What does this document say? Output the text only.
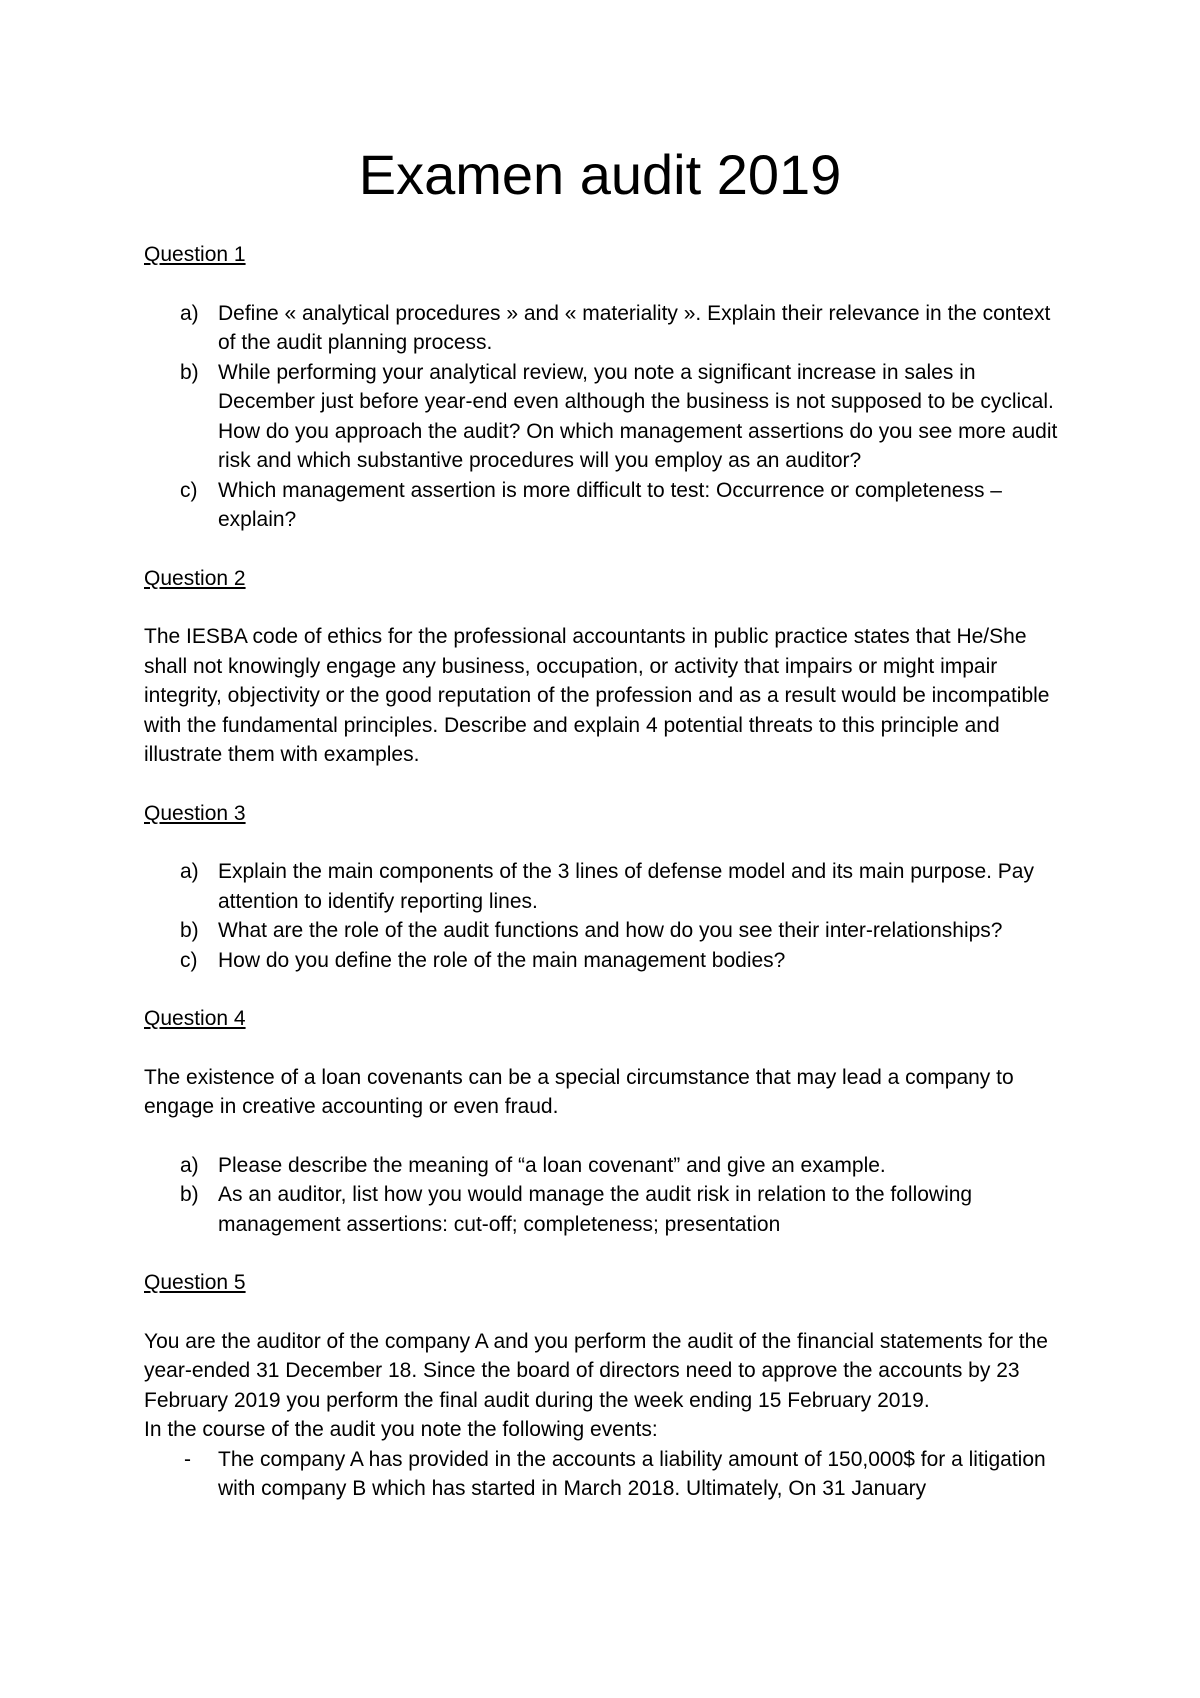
Examen audit 2019
Question 1
a) Define « analytical procedures » and « materiality ». Explain their relevance in the context of the audit planning process.
b) While performing your analytical review, you note a significant increase in sales in December just before year-end even although the business is not supposed to be cyclical. How do you approach the audit? On which management assertions do you see more audit risk and which substantive procedures will you employ as an auditor?
c) Which management assertion is more difficult to test: Occurrence or completeness – explain?
Question 2

The IESBA code of ethics for the professional accountants in public practice states that He/She shall not knowingly engage any business, occupation, or activity that impairs or might impair integrity, objectivity or the good reputation of the profession and as a result would be incompatible with the fundamental principles. Describe and explain 4 potential threats to this principle and illustrate them with examples.

Question 3
a) Explain the main components of the 3 lines of defense model and its main purpose. Pay attention to identify reporting lines.
b) What are the role of the audit functions and how do you see their inter-relationships?
c) How do you define the role of the main management bodies?
Question 4

The existence of a loan covenants can be a special circumstance that may lead a company to engage in creative accounting or even fraud.

a) Please describe the meaning of “a loan covenant” and give an example.
b) As an auditor, list how you would manage the audit risk in relation to the following management assertions: cut-off; completeness; presentation
Question 5

You are the auditor of the company A and you perform the audit of the financial statements for the year-ended 31 December 18. Since the board of directors need to approve the accounts by 23 February 2019 you perform the final audit during the week ending 15 February 2019.

In the course of the audit you note the following events:

- The company A has provided in the accounts a liability amount of 150,000$ for a litigation with company B which has started in March 2018. Ultimately, On 31 January
